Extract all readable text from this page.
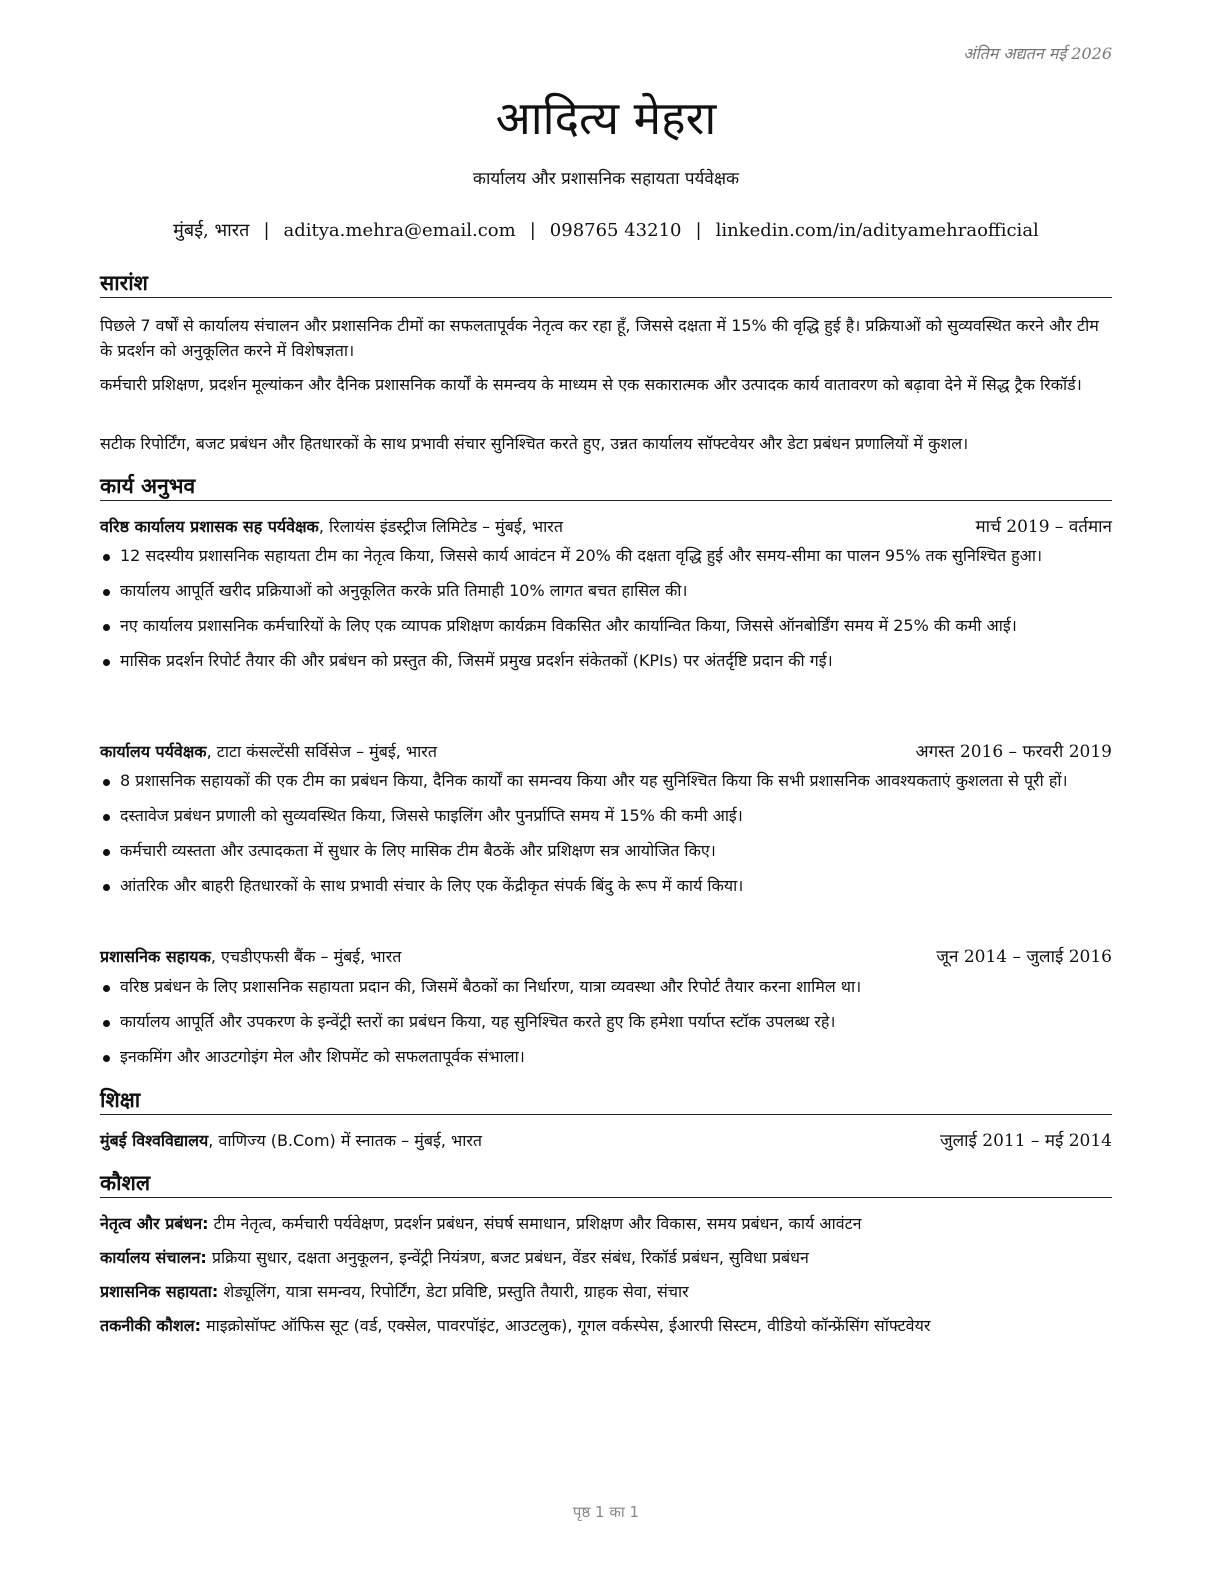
अंतिम अद्यतन मई 2026
आदित्य मेहरा
कार्यालय और प्रशासनिक सहायता पर्यवेक्षक
मुंबई, भारत | aditya.mehra@email.com | 098765 43210 | linkedin.com/in/adityamehraofficial
सारांश
पिछले 7 वर्षों से कार्यालय संचालन और प्रशासनिक टीमों का सफलतापूर्वक नेतृत्व कर रहा हूँ, जिससे दक्षता में 15% की वृद्धि हुई है। प्रक्रियाओं को सुव्यवस्थित करने और टीम के प्रदर्शन को अनुकूलित करने में विशेषज्ञता।
कर्मचारी प्रशिक्षण, प्रदर्शन मूल्यांकन और दैनिक प्रशासनिक कार्यों के समन्वय के माध्यम से एक सकारात्मक और उत्पादक कार्य वातावरण को बढ़ावा देने में सिद्ध ट्रैक रिकॉर्ड।
सटीक रिपोर्टिंग, बजट प्रबंधन और हितधारकों के साथ प्रभावी संचार सुनिश्चित करते हुए, उन्नत कार्यालय सॉफ्टवेयर और डेटा प्रबंधन प्रणालियों में कुशल।
कार्य अनुभव
वरिष्ठ कार्यालय प्रशासक सह पर्यवेक्षक, रिलायंस इंडस्ट्रीज लिमिटेड – मुंबई, भारत	मार्च 2019 – वर्तमान
12 सदस्यीय प्रशासनिक सहायता टीम का नेतृत्व किया, जिससे कार्य आवंटन में 20% की दक्षता वृद्धि हुई और समय-सीमा का पालन 95% तक सुनिश्चित हुआ।
कार्यालय आपूर्ति खरीद प्रक्रियाओं को अनुकूलित करके प्रति तिमाही 10% लागत बचत हासिल की।
नए कार्यालय प्रशासनिक कर्मचारियों के लिए एक व्यापक प्रशिक्षण कार्यक्रम विकसित और कार्यान्वित किया, जिससे ऑनबोर्डिंग समय में 25% की कमी आई।
मासिक प्रदर्शन रिपोर्ट तैयार की और प्रबंधन को प्रस्तुत की, जिसमें प्रमुख प्रदर्शन संकेतकों (KPIs) पर अंतर्दृष्टि प्रदान की गई।
कार्यालय पर्यवेक्षक, टाटा कंसल्टेंसी सर्विसेज – मुंबई, भारत	अगस्त 2016 – फरवरी 2019
8 प्रशासनिक सहायकों की एक टीम का प्रबंधन किया, दैनिक कार्यों का समन्वय किया और यह सुनिश्चित किया कि सभी प्रशासनिक आवश्यकताएं कुशलता से पूरी हों।
दस्तावेज प्रबंधन प्रणाली को सुव्यवस्थित किया, जिससे फाइलिंग और पुनर्प्राप्ति समय में 15% की कमी आई।
कर्मचारी व्यस्तता और उत्पादकता में सुधार के लिए मासिक टीम बैठकें और प्रशिक्षण सत्र आयोजित किए।
आंतरिक और बाहरी हितधारकों के साथ प्रभावी संचार के लिए एक केंद्रीकृत संपर्क बिंदु के रूप में कार्य किया।
प्रशासनिक सहायक, एचडीएफसी बैंक – मुंबई, भारत	जून 2014 – जुलाई 2016
वरिष्ठ प्रबंधन के लिए प्रशासनिक सहायता प्रदान की, जिसमें बैठकों का निर्धारण, यात्रा व्यवस्था और रिपोर्ट तैयार करना शामिल था।
कार्यालय आपूर्ति और उपकरण के इन्वेंट्री स्तरों का प्रबंधन किया, यह सुनिश्चित करते हुए कि हमेशा पर्याप्त स्टॉक उपलब्ध रहे।
इनकमिंग और आउटगोइंग मेल और शिपमेंट को सफलतापूर्वक संभाला।
शिक्षा
मुंबई विश्वविद्यालय, वाणिज्य (B.Com) में स्नातक – मुंबई, भारत	जुलाई 2011 – मई 2014
कौशल
नेतृत्व और प्रबंधन: टीम नेतृत्व, कर्मचारी पर्यवेक्षण, प्रदर्शन प्रबंधन, संघर्ष समाधान, प्रशिक्षण और विकास, समय प्रबंधन, कार्य आवंटन
कार्यालय संचालन: प्रक्रिया सुधार, दक्षता अनुकूलन, इन्वेंट्री नियंत्रण, बजट प्रबंधन, वेंडर संबंध, रिकॉर्ड प्रबंधन, सुविधा प्रबंधन
प्रशासनिक सहायता: शेड्यूलिंग, यात्रा समन्वय, रिपोर्टिंग, डेटा प्रविष्टि, प्रस्तुति तैयारी, ग्राहक सेवा, संचार
तकनीकी कौशल: माइक्रोसॉफ्ट ऑफिस सूट (वर्ड, एक्सेल, पावरपॉइंट, आउटलुक), गूगल वर्कस्पेस, ईआरपी सिस्टम, वीडियो कॉन्फ्रेंसिंग सॉफ्टवेयर
पृष्ठ 1 का 1
